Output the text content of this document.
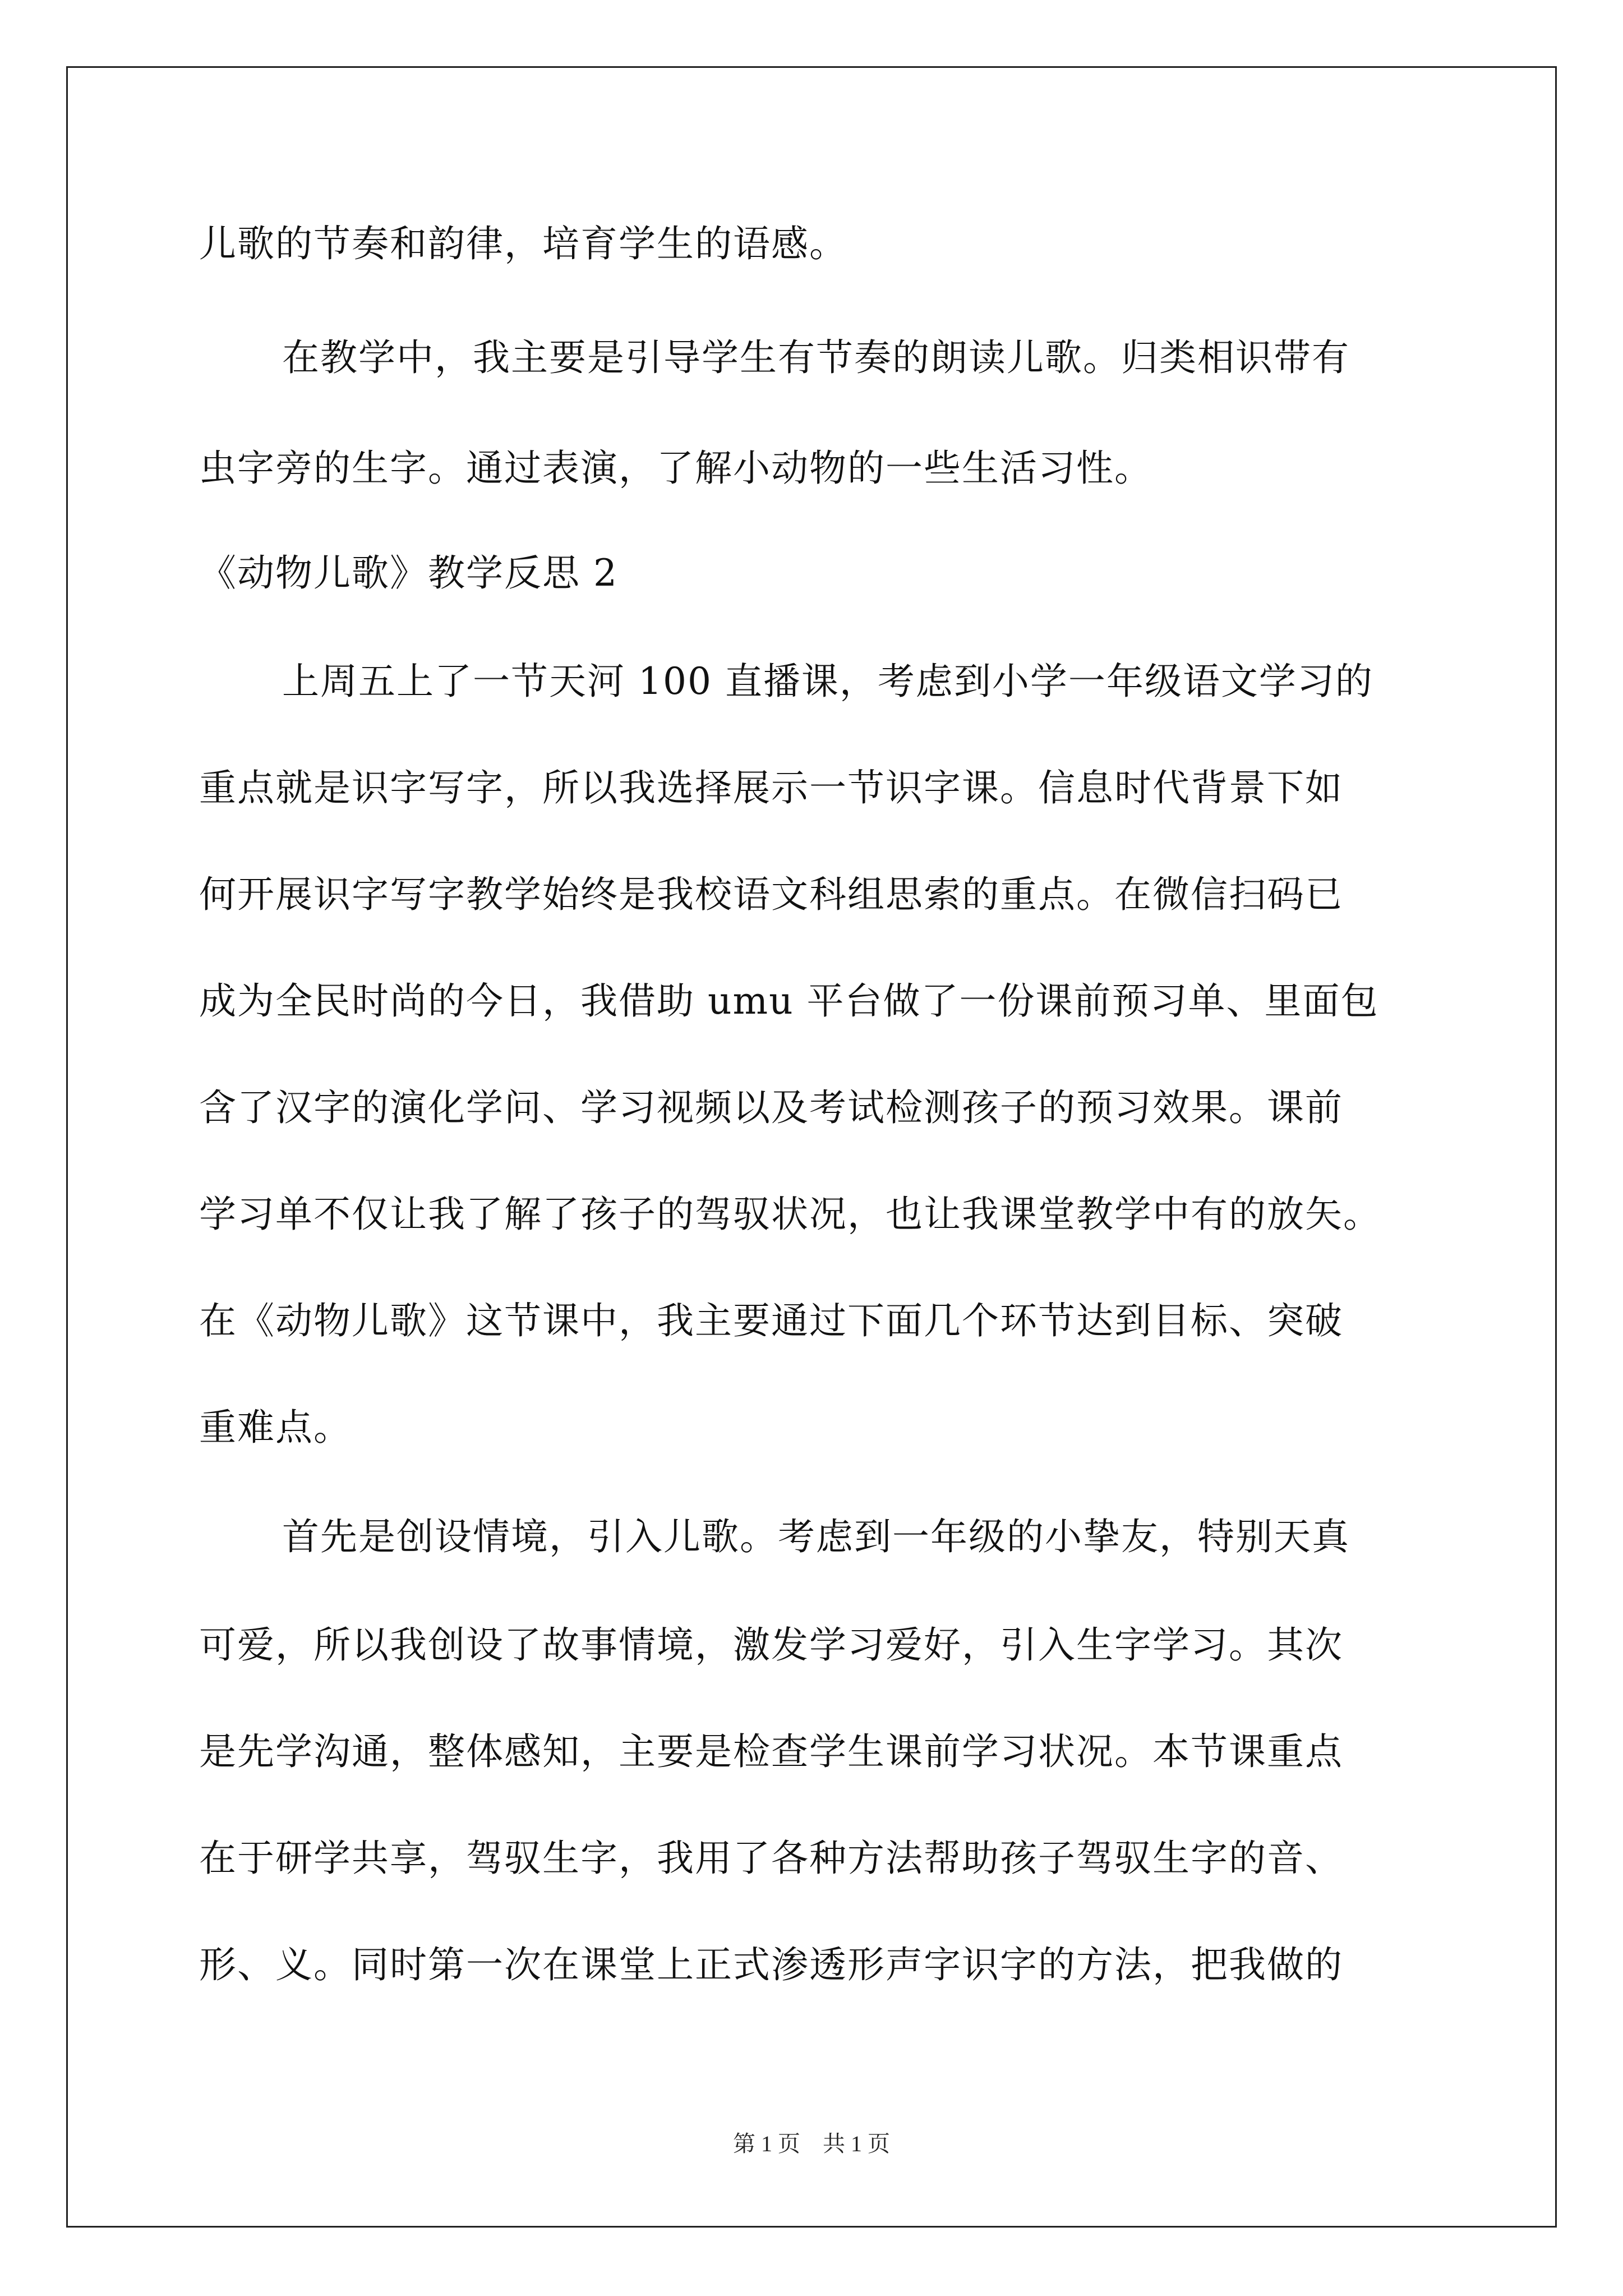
儿歌的节奏和韵律，培育学生的语感。
在教学中，我主要是引导学生有节奏的朗读儿歌。归类相识带有
虫字旁的生字。通过表演，了解小动物的一些生活习性。
《动物儿歌》教学反思 2
上周五上了一节天河 100 直播课，考虑到小学一年级语文学习的
重点就是识字写字，所以我选择展示一节识字课。信息时代背景下如
何开展识字写字教学始终是我校语文科组思索的重点。在微信扫码已
成为全民时尚的今日，我借助 umu 平台做了一份课前预习单、里面包
含了汉字的演化学问、学习视频以及考试检测孩子的预习效果。课前
学习单不仅让我了解了孩子的驾驭状况，也让我课堂教学中有的放矢。
在《动物儿歌》这节课中，我主要通过下面几个环节达到目标、突破
重难点。
首先是创设情境，引入儿歌。考虑到一年级的小挚友，特别天真
可爱，所以我创设了故事情境，激发学习爱好，引入生字学习。其次
是先学沟通，整体感知，主要是检查学生课前学习状况。本节课重点
在于研学共享，驾驭生字，我用了各种方法帮助孩子驾驭生字的音、
形、义。同时第一次在课堂上正式渗透形声字识字的方法，把我做的
第 1 页　共 1 页
